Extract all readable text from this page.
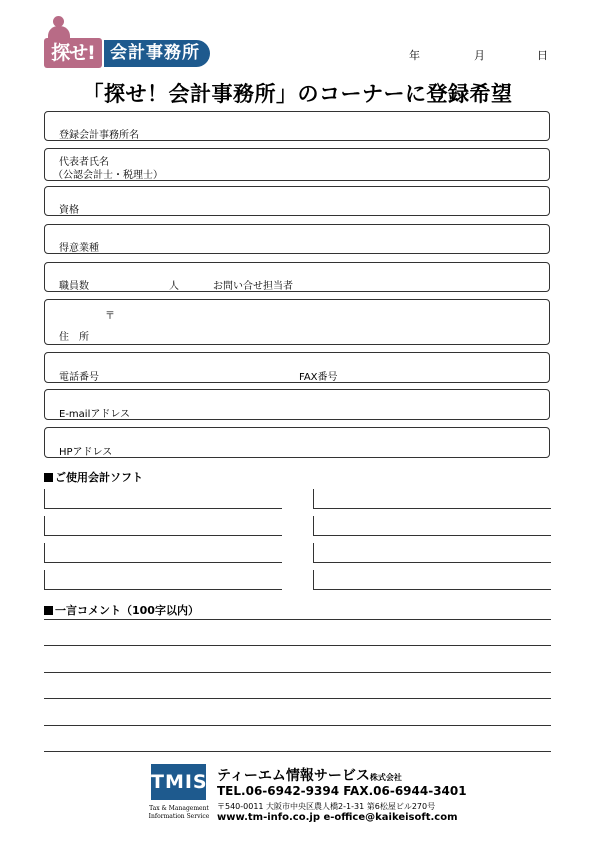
探せ! 会計事務所	年	月	日
「探せ！会計事務所」のコーナーに登録希望
登録会計事務所名
代表者氏名
（公認会計士・税理士）
資格
得意業種
職員数	人	お問い合せ担当者
〒
住　所
電話番号	FAX番号
E-mailアドレス
HPアドレス
ご使用会計ソフト
一言コメント（100字以内）
TMIS
Tax & Management Information Service
ティーエム情報サービス株式会社
TEL.06-6942-9394 FAX.06-6944-3401
〒540-0011 大阪市中央区農人橋2-1-31 第6松屋ビル270号
www.tm-info.co.jp e-office@kaikeisoft.com
